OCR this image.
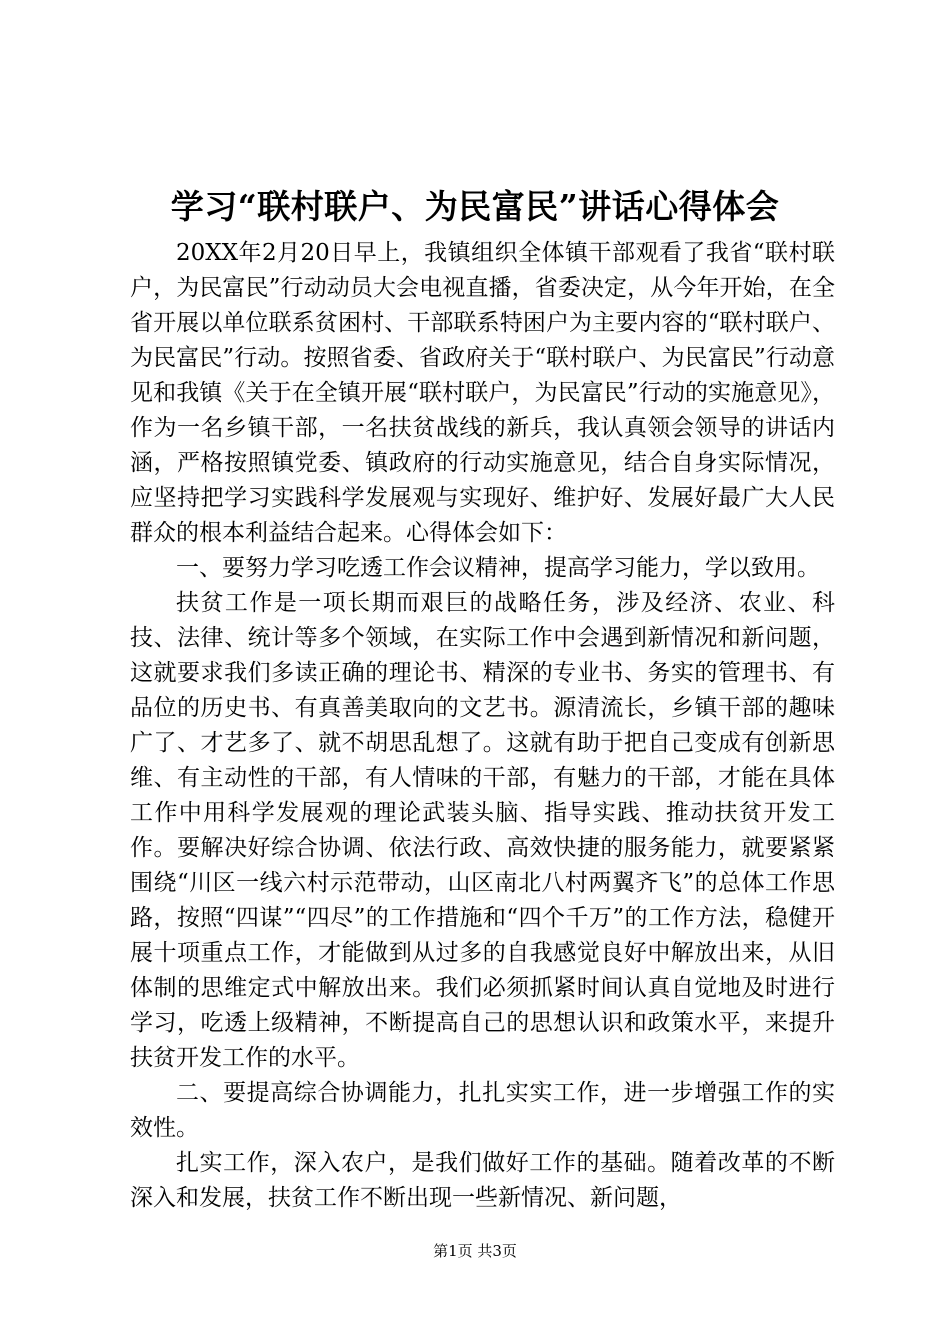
学习“联村联户、为民富民”讲话心得体会

20XX年2月20日早上，我镇组织全体镇干部观看了我省“联村联户，为民富民”行动动员大会电视直播，省委决定，从今年开始，在全省开展以单位联系贫困村、干部联系特困户为主要内容的“联村联户、为民富民”行动。按照省委、省政府关于“联村联户、为民富民”行动意见和我镇《关于在全镇开展“联村联户，为民富民”行动的实施意见》，作为一名乡镇干部，一名扶贫战线的新兵，我认真领会领导的讲话内涵，严格按照镇党委、镇政府的行动实施意见，结合自身实际情况，应坚持把学习实践科学发展观与实现好、维护好、发展好最广大人民群众的根本利益结合起来。心得体会如下：

一、要努力学习吃透工作会议精神，提高学习能力，学以致用。

扶贫工作是一项长期而艰巨的战略任务，涉及经济、农业、科技、法律、统计等多个领域，在实际工作中会遇到新情况和新问题，这就要求我们多读正确的理论书、精深的专业书、务实的管理书、有品位的历史书、有真善美取向的文艺书。源清流长，乡镇干部的趣味广了、才艺多了、就不胡思乱想了。这就有助于把自己变成有创新思维、有主动性的干部，有人情味的干部，有魅力的干部，才能在具体工作中用科学发展观的理论武装头脑、指导实践、推动扶贫开发工作。要解决好综合协调、依法行政、高效快捷的服务能力，就要紧紧围绕“川区一线六村示范带动，山区南北八村两翼齐飞”的总体工作思路，按照“四谋”“四尽”的工作措施和“四个千万”的工作方法，稳健开展十项重点工作，才能做到从过多的自我感觉良好中解放出来，从旧体制的思维定式中解放出来。我们必须抓紧时间认真自觉地及时进行学习，吃透上级精神，不断提高自己的思想认识和政策水平，来提升扶贫开发工作的水平。

二、要提高综合协调能力，扎扎实实工作，进一步增强工作的实效性。

扎实工作，深入农户，是我们做好工作的基础。随着改革的不断深入和发展，扶贫工作不断出现一些新情况、新问题，

第1页 共3页
